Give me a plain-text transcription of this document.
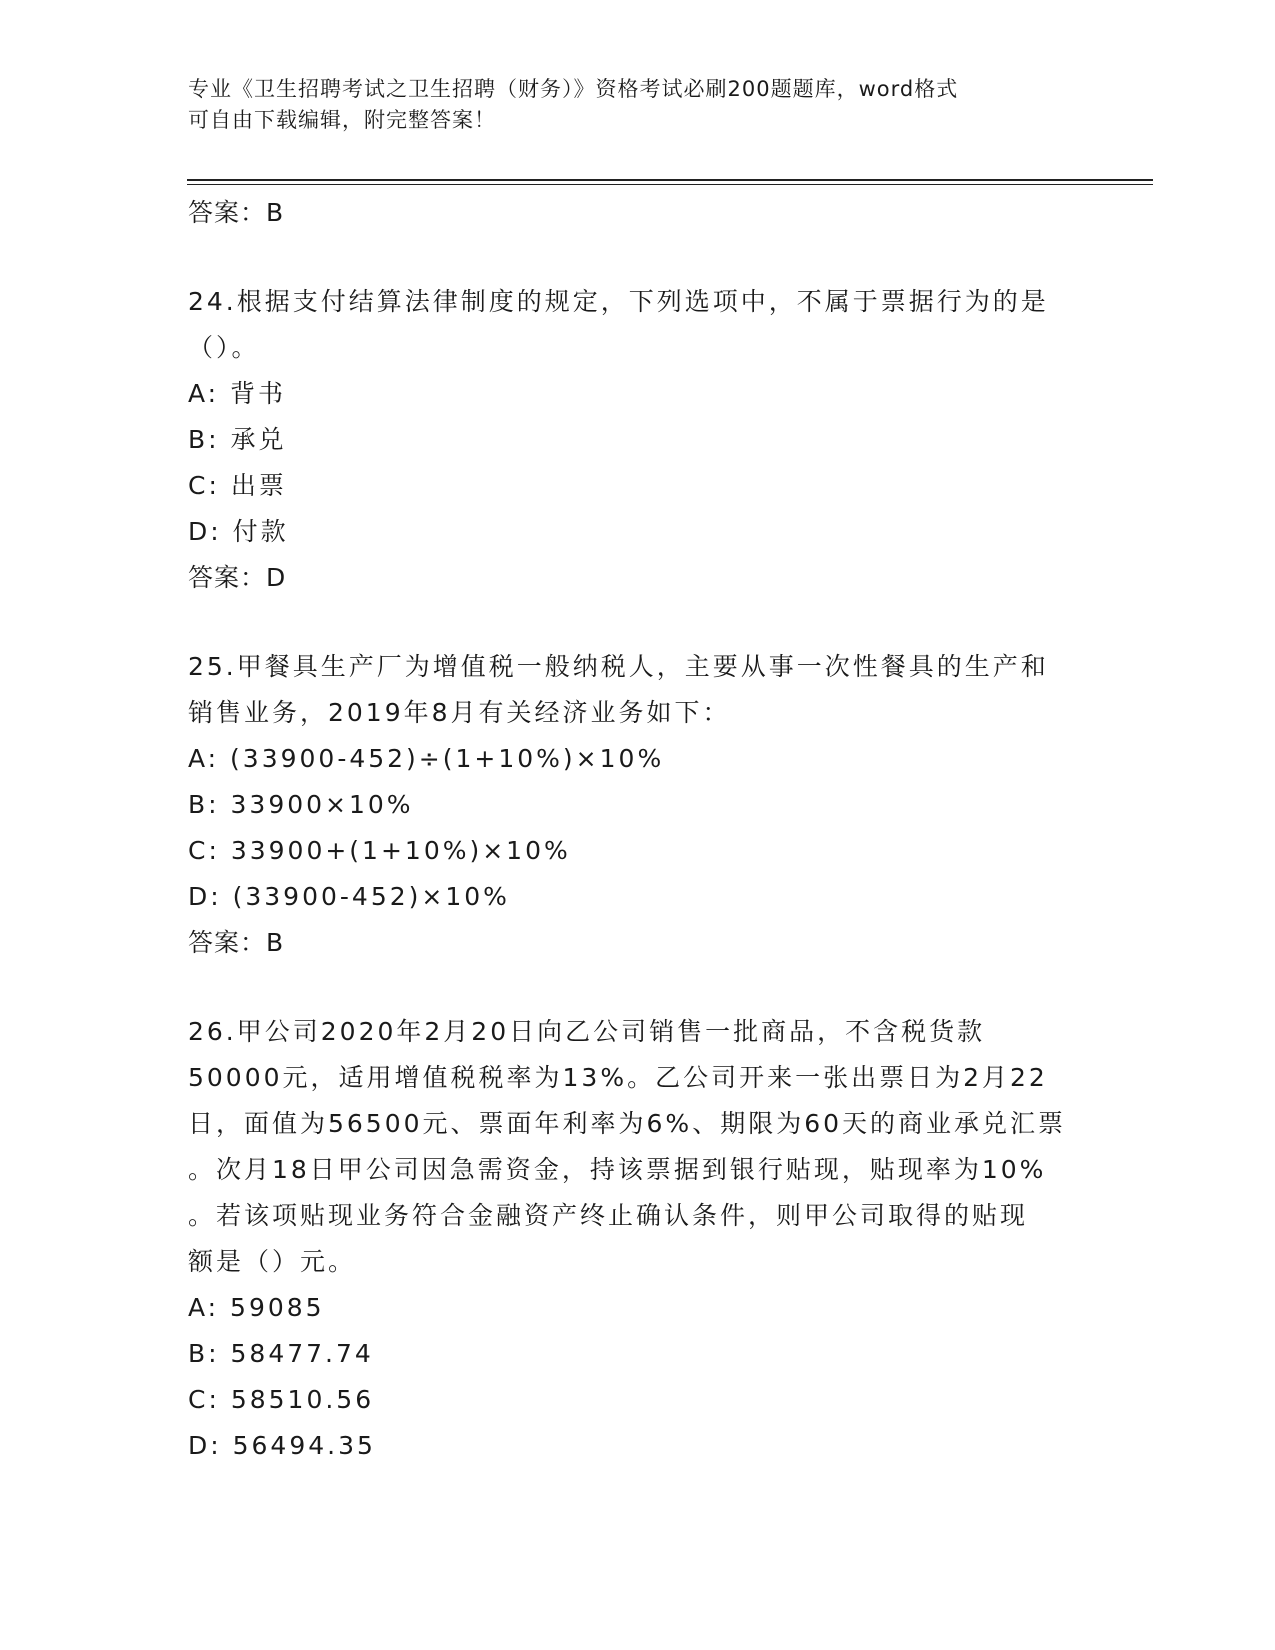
专业《卫生招聘考试之卫生招聘（财务）》资格考试必刷200题题库，word格式
可自由下载编辑，附完整答案！
答案：B
24.根据支付结算法律制度的规定，下列选项中，不属于票据行为的是
（）。
A: 背书
B: 承兑
C: 出票
D: 付款
答案：D
25.甲餐具生产厂为增值税一般纳税人，主要从事一次性餐具的生产和
销售业务，2019年8月有关经济业务如下：
A: (33900-452)÷(1+10%)×10%
B: 33900×10%
C: 33900+(1+10%)×10%
D: (33900-452)×10%
答案：B
26.甲公司2020年2月20日向乙公司销售一批商品，不含税货款
50000元，适用增值税税率为13%。乙公司开来一张出票日为2月22
日，面值为56500元、票面年利率为6%、期限为60天的商业承兑汇票
。次月18日甲公司因急需资金，持该票据到银行贴现，贴现率为10%
。若该项贴现业务符合金融资产终止确认条件，则甲公司取得的贴现
额是（）元。
A: 59085
B: 58477.74
C: 58510.56
D: 56494.35
